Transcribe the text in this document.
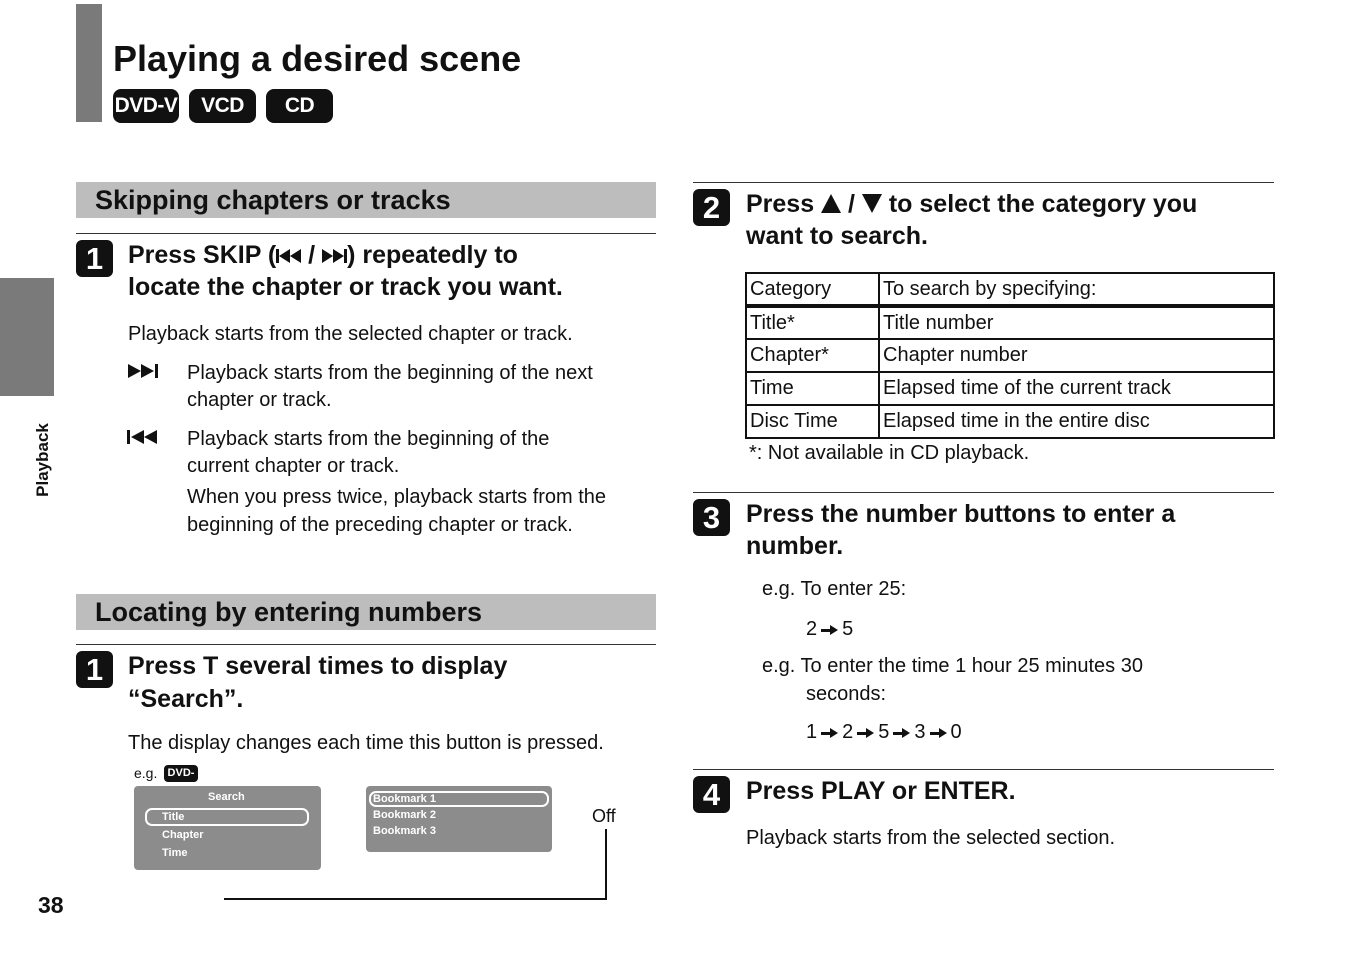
Playing a desired scene
DVD-V	VCD	CD
Playback
38
Skipping chapters or tracks
1 Press SKIP (
/
) repeatedly to
locate the chapter or track you want.
Playback starts from the selected chapter or track.
Playback starts from the beginning of the next
chapter or track.
Playback starts from the beginning of the
current chapter or track.
When you press twice, playback starts from the
beginning of the preceding chapter or track.
Locating by entering numbers
1 Press T several times to display
“Search”.
The display changes each time this button is pressed.
e.g. DVD-
Search
Title
Chapter
Time
Bookmark 1
Bookmark 2
Bookmark 3
Off
2	Press  /  to select the category you
want to search.
Category	To search by specifying:
Title*	Title number
Chapter*	Chapter number
Time	Elapsed time of the current track
Disc Time	Elapsed time in the entire disc
*: Not available in CD playback.
3	Press the number buttons to enter a
number.
e.g. To enter 25:
2 5
e.g. To enter the time 1 hour 25 minutes 30
seconds:
1 2 5 3 0
4	Press PLAY or ENTER.
Playback starts from the selected section.
